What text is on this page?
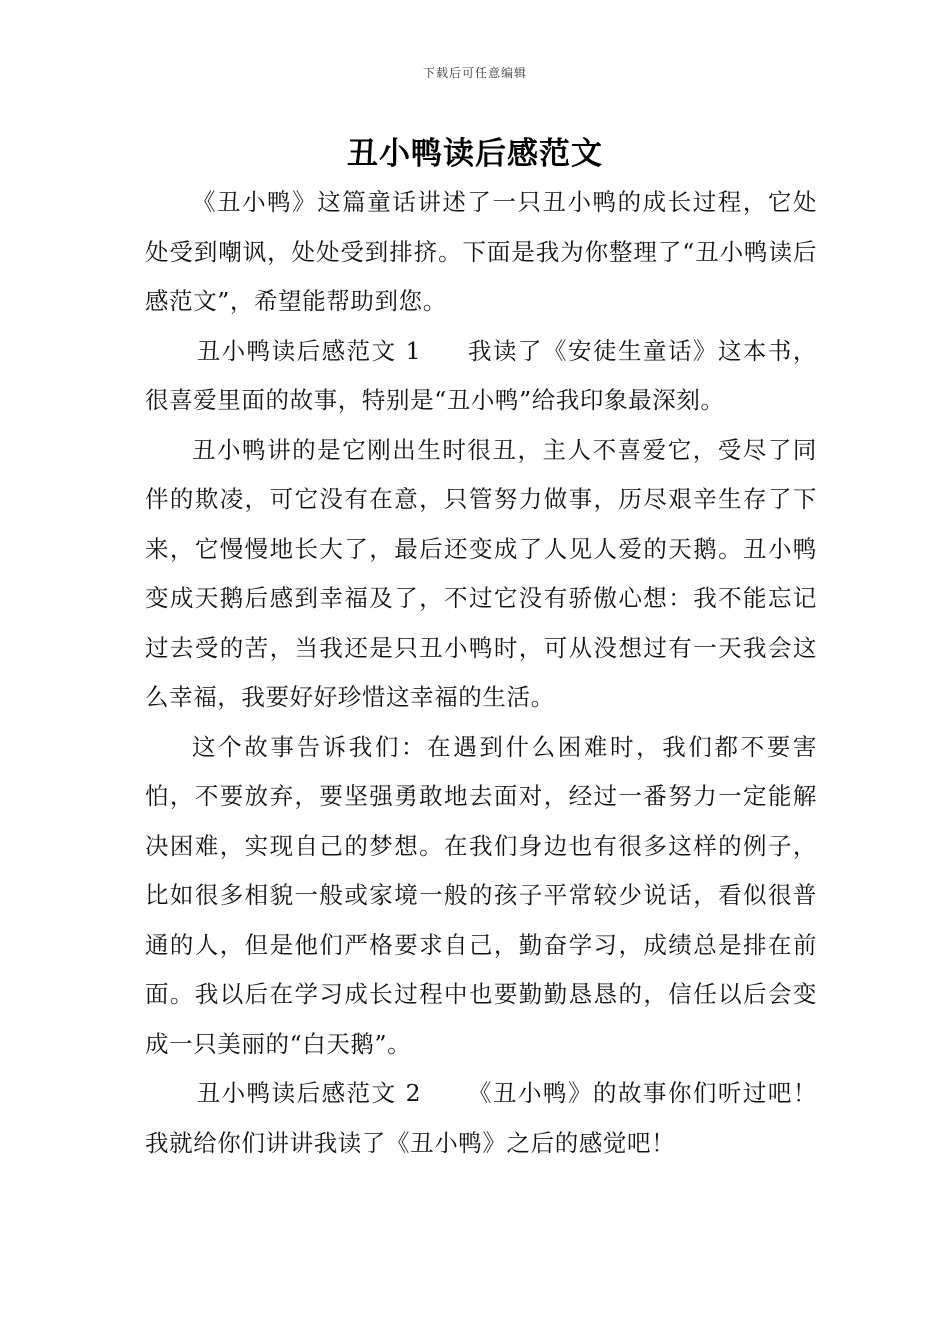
下载后可任意编辑
丑小鸭读后感范文

《丑小鸭》这篇童话讲述了一只丑小鸭的成长过程，它处处受到嘲讽，处处受到排挤。下面是我为你整理了“丑小鸭读后感范文”，希望能帮助到您。

丑小鸭读后感范文 1 我读了《安徒生童话》这本书，很喜爱里面的故事，特别是“丑小鸭”给我印象最深刻。

丑小鸭讲的是它刚出生时很丑，主人不喜爱它，受尽了同伴的欺凌，可它没有在意，只管努力做事，历尽艰辛生存了下来，它慢慢地长大了，最后还变成了人见人爱的天鹅。丑小鸭变成天鹅后感到幸福及了，不过它没有骄傲心想：我不能忘记过去受的苦，当我还是只丑小鸭时，可从没想过有一天我会这么幸福，我要好好珍惜这幸福的生活。

这个故事告诉我们：在遇到什么困难时，我们都不要害怕，不要放弃，要坚强勇敢地去面对，经过一番努力一定能解决困难，实现自己的梦想。在我们身边也有很多这样的例子，比如很多相貌一般或家境一般的孩子平常较少说话，看似很普通的人，但是他们严格要求自己，勤奋学习，成绩总是排在前面。我以后在学习成长过程中也要勤勤恳恳的，信任以后会变成一只美丽的“白天鹅”。

丑小鸭读后感范文 2 《丑小鸭》的故事你们听过吧！我就给你们讲讲我读了《丑小鸭》之后的感觉吧！
